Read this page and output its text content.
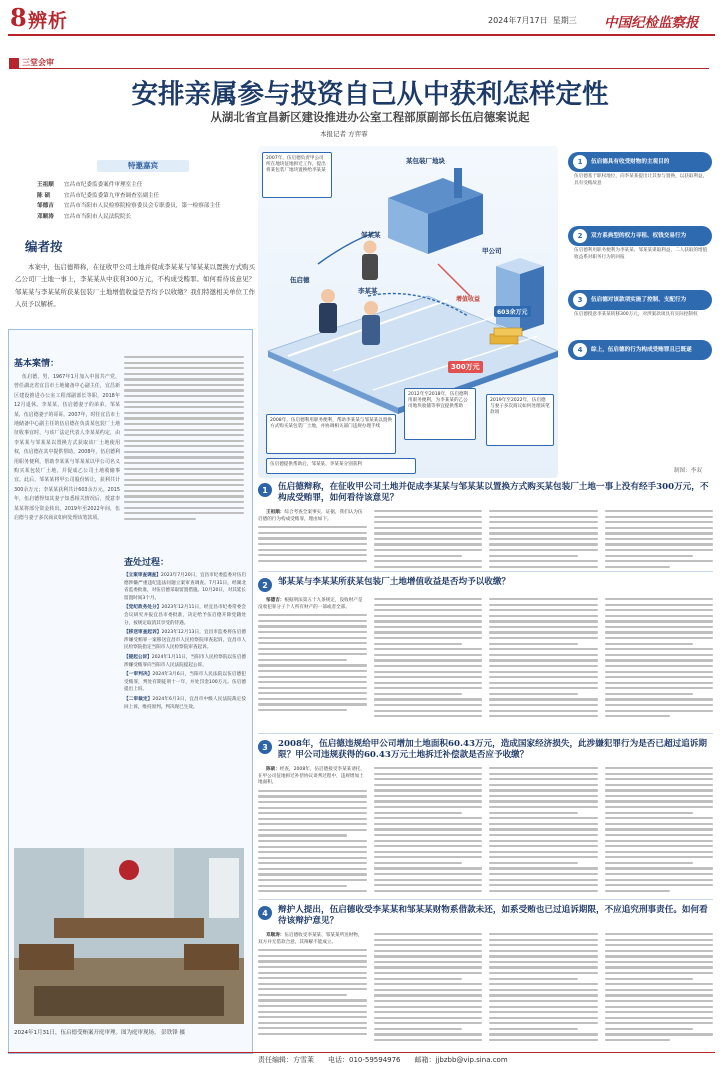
8 辨析	2024年7月17日 星期三 中国纪检监察报
三堂会审
安排亲属参与投资自己从中获利怎样定性
从湖北省宜昌新区建设推进办公室工程部原副部长伍启德案说起
本报记者 方弈霏
特邀嘉宾
王祖顺	宜昌市纪委监委案件审理室主任
陈 硕	宜昌市纪委监委第九审查调查室副主任
邹德吉	宜昌市当阳市人民检察院检察委员会专职委员，第一检察部主任
邓顺涛	宜昌市当阳市人民法院院长
编者按
本案中，伍启德辩称，在征收甲公司土地并促成李某某与邹某某以置换方式购买乙公司厂土地一事上，李某某从中获利300万元，不构成受贿罪。如何看待该意见？邹某某与李某某所获某包装厂土地增值收益是否均予以收缴？我们特邀相关单位工作人员予以解析。
伍启德
李某某
邹某某
某包装厂地块
甲公司
增值收益
300万元
603余万元
2007年，伍启德负责甲公司所在地块征地拆迁工作，提出将某包装厂地块置换给李某某
2008年，伍启德利用职务便利，帮助李某某与邹某某以置换方式购买某包装厂土地，并协调相关部门违规办理手续
2012年至2018年，伍启德利用职务便利，为李某某的乙公司地块收储等事宜提供帮助
2019年至2022年，伍启德与妻子多次商议如何处理该笔款项
伍启德提供帮助后，邹某某、李某某分别获利
制图：李双
1	伍启德具有收受财物的主观目的
伍启德基于职权地位，向李某某提出让其参与置换，以获取利益，具有受贿故意
2	双方系典型的权力寻租、权钱交易行为
伍启德利用职务便利为李某某、邹某某谋取利益，二人获取的增值收益系对职务行为的回报
3	伍启德对该款项实施了控制、支配行为
伍启德授意李某某转移300万元，对涉案款项具有实际控制权
4	综上，伍启德的行为构成受贿罪且已既遂
基本案情：
伍启德，男，1967年1月加入中国共产党，曾任湖北省宜昌市土地储备中心副主任，宜昌新区建设推进办公室工程部副部长等职，2018年12月退休。李某某，伍启德妻子的弟弟。邹某某，伍启德妻子的哥哥。2007年，时任宜昌市土地储备中心副主任的伍启德在负责某包装厂土地征收事宜时，与该厂法定代表人李某某约定，由李某某与邹某某以置换方式获取该厂土地使用权，伍启德在其中提供帮助。2008年，伍启德利用职务便利，帮助李某某与邹某某以甲公司名义购买某包装厂土地，并促成乙公司土地收储事宜。此后，邹某某将甲公司股份转让，获利共计300余万元；李某某获利共计603余万元。2015年，伍启德得知其妻子知悉相关情况后，授意李某某将部分资金转出。2019年至2022年间，伍启德与妻子多次商议如何处理该笔款项。
查处过程：
【立案审查调查】2023年7月20日，宜昌市纪委监委对伍启德涉嫌严重违纪违法问题立案审查调查。7月31日，经湖北省监委批准，对伍启德采取留置措施。10月20日，对其延长留置时间3个月。
【党纪政务处分】2023年12月11日，经宜昌市纪委常委会会议研究并报宜昌市委批准，决定给予伍启德开除党籍处分，按规定取消其享受的待遇。
【移送审查起诉】2023年12月13日，宜昌市监委将伍启德涉嫌受贿罪一案移送宜昌市人民检察院审查起诉，宜昌市人民检察院指定当阳市人民检察院审查起诉。
【提起公诉】2024年1月11日，当阳市人民检察院以伍启德涉嫌受贿罪向当阳市人民法院提起公诉。
【一审判决】2024年3月6日，当阳市人民法院以伍启德犯受贿罪，判处有期徒刑十一年，并处罚金100万元。伍启德提出上诉。
【二审裁定】2024年6月3日，宜昌市中级人民法院裁定驳回上诉，维持原判。判决现已生效。
2024年1月31日，伍启德受贿案开庭审理。图为庭审现场。 彭铁锋 摄
1	伍启德辩称，在征收甲公司土地并促成李某某与邹某某以置换方式购买某包装厂土地一事上没有经手300万元，不构成受贿罪，如何看待该意见？
王祖顺：综合考查全案事实，证据，我们认为伍启德的行为构成受贿罪，理由如下。
2	邹某某与李某某所获某包装厂土地增值收益是否均予以收缴？
邹德吉：根据刑法第五十九条规定，没收财产是没收犯罪分子个人所有财产的一部或者全部。
3	2008年，伍启德违规给甲公司增加土地面积60.43万元，造成国家经济损失，此涉嫌犯罪行为是否已超过追诉期限？甲公司违规获得的60.43万元土地拆迁补偿款是否应予收缴？
陈硕：经查，2008年，伍启德接受李某某请托，在甲公司征地拆迁补偿协议谈判过程中，违规增加土地面积。
4	辩护人提出，伍启德收受李某某和邹某某财物系借款未还，如系受贿也已过追诉期限，不应追究刑事责任。如何看待该辩护意见？
邓顺涛：伍启德收受李某某、邹某某所送财物，双方并无借款合意，其辩解不能成立。
责任编辑：方雪莱 电话：010-59594976 邮箱：jjbzbb@vip.sina.com
